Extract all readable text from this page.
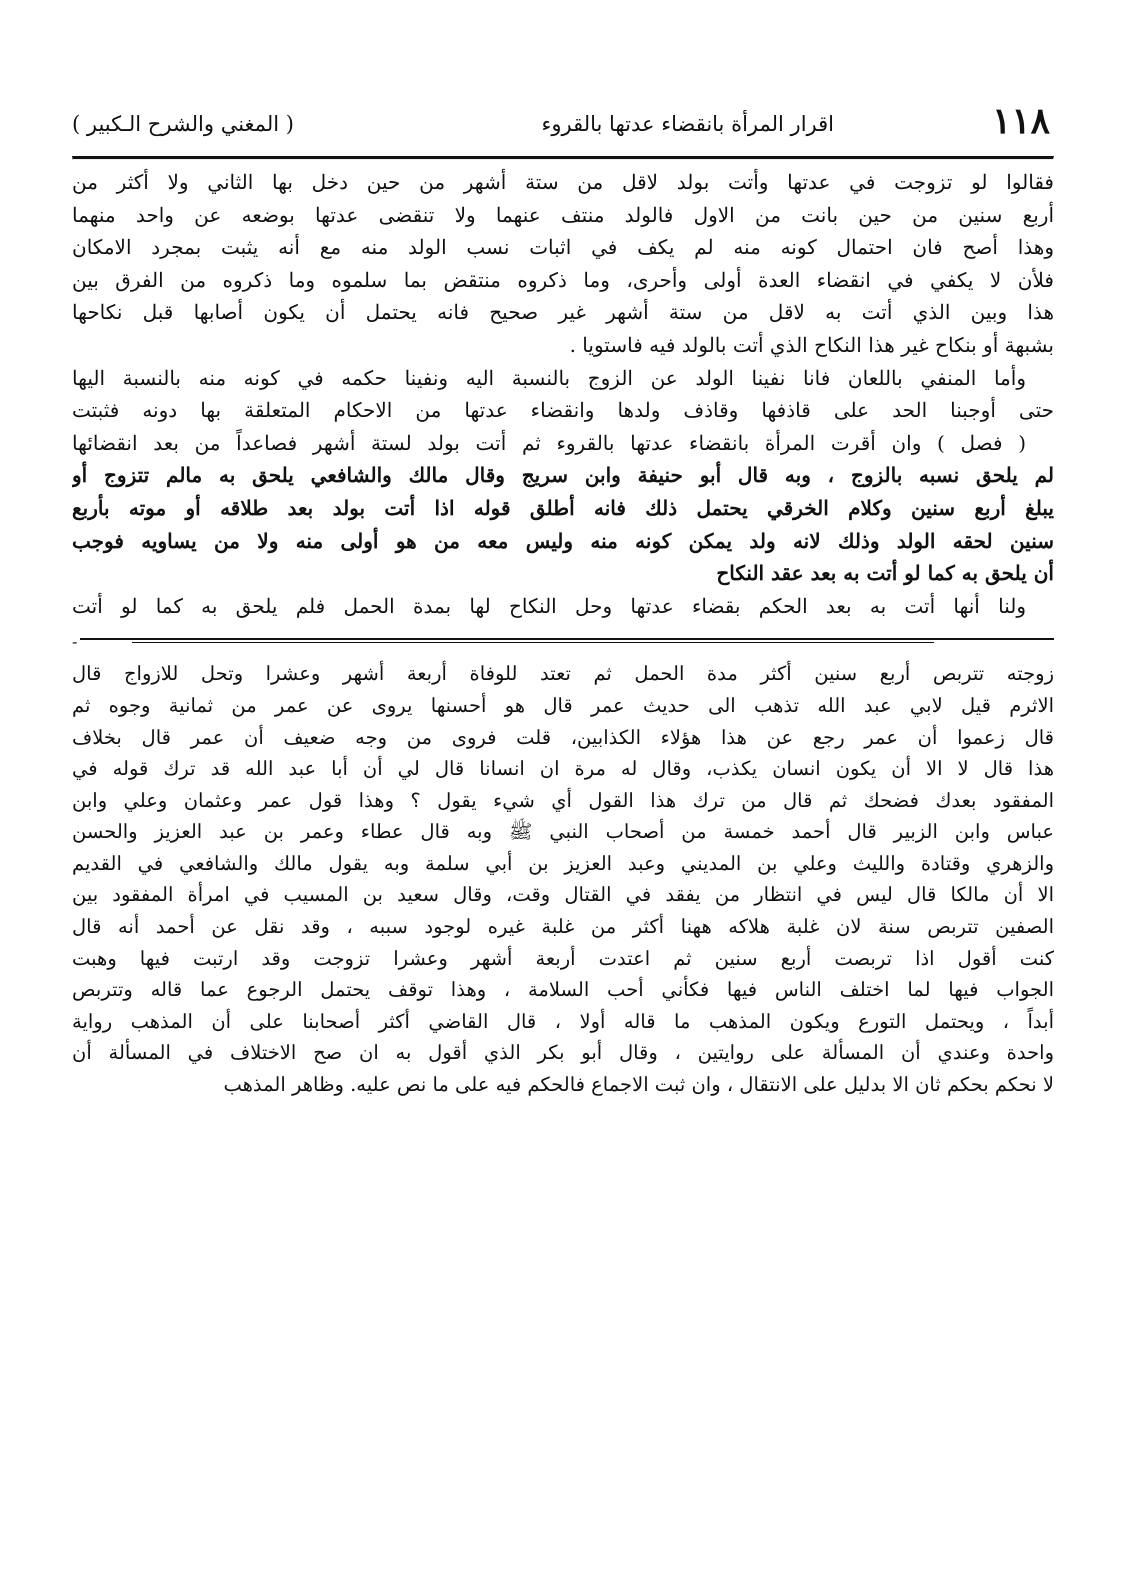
١١٨
اقرار المرأة بانقضاء عدتها بالقروء
( المغني والشرح الـكبير )
فقالوا لو تزوجت في عدتها وأتت بولد لاقل من ستة أشهر من حين دخل بها الثاني ولا أكثر من
أربع سنين من حين بانت من الاول فالولد منتف عنهما ولا تنقضى عدتها بوضعه عن واحد منهما
وهذا أصح فان احتمال كونه منه لم يكف في اثبات نسب الولد منه مع أنه يثبت بمجرد الامكان
فلأن لا يكفي في انقضاء العدة أولى وأحرى، وما ذكروه منتقض بما سلموه وما ذكروه من الفرق بين
هذا وبين الذي أتت به لاقل من ستة أشهر غير صحيح فانه يحتمل أن يكون أصابها قبل نكاحها
بشبهة أو بنكاح غير هذا النكاح الذي أتت بالولد فيه فاستويا .
وأما المنفي باللعان فانا نفينا الولد عن الزوج بالنسبة اليه ونفينا حكمه في كونه منه بالنسبة اليها
حتى أوجبنا الحد على قاذفها وقاذف ولدها وانقضاء عدتها من الاحكام المتعلقة بها دونه فثبتت
( فصل ) وان أقرت المرأة بانقضاء عدتها بالقروء ثم أتت بولد لستة أشهر فصاعداً من بعد انقضائها
لم يلحق نسبه بالزوج ، وبه قال أبو حنيفة وابن سريج وقال مالك والشافعي يلحق به مالم تتزوج أو
يبلغ أربع سنين وكلام الخرقي يحتمل ذلك فانه أطلق قوله اذا أتت بولد بعد طلاقه أو موته بأربع
سنين لحقه الولد وذلك لانه ولد يمكن كونه منه وليس معه من هو أولى منه ولا من يساويه فوجب
أن يلحق به كما لو أتت به بعد عقد النكاح
ولنا أنها أتت به بعد الحكم بقضاء عدتها وحل النكاح لها بمدة الحمل فلم يلحق به كما لو أتت
-
زوجته تتربص أربع سنين أكثر مدة الحمل ثم تعتد للوفاة أربعة أشهر وعشرا وتحل للازواج قال
الاثرم قيل لابي عبد الله تذهب الى حديث عمر قال هو أحسنها يروى عن عمر من ثمانية وجوه ثم
قال زعموا أن عمر رجع عن هذا هؤلاء الكذابين، قلت فروى من وجه ضعيف أن عمر قال بخلاف
هذا قال لا الا أن يكون انسان يكذب، وقال له مرة ان انسانا قال لي أن أبا عبد الله قد ترك قوله في
المفقود بعدك فضحك ثم قال من ترك هذا القول أي شيء يقول ؟ وهذا قول عمر وعثمان وعلي وابن
عباس وابن الزبير قال أحمد خمسة من أصحاب النبي ﷺ وبه قال عطاء وعمر بن عبد العزيز والحسن
والزهري وقتادة والليث وعلي بن المديني وعبد العزيز بن أبي سلمة وبه يقول مالك والشافعي في القديم
الا أن مالكا قال ليس في انتظار من يفقد في القتال وقت، وقال سعيد بن المسيب في امرأة المفقود بين
الصفين تتربص سنة لان غلبة هلاكه ههنا أكثر من غلبة غيره لوجود سببه ، وقد نقل عن أحمد أنه قال
كنت أقول اذا تربصت أربع سنين ثم اعتدت أربعة أشهر وعشرا تزوجت وقد ارتبت فيها وهبت
الجواب فيها لما اختلف الناس فيها فكأني أحب السلامة ، وهذا توقف يحتمل الرجوع عما قاله وتتربص
أبداً ، ويحتمل التورع ويكون المذهب ما قاله أولا ، قال القاضي أكثر أصحابنا على أن المذهب رواية
واحدة وعندي أن المسألة على روايتين ، وقال أبو بكر الذي أقول به ان صح الاختلاف في المسألة أن
لا نحكم بحكم ثان الا بدليل على الانتقال ، وان ثبت الاجماع فالحكم فيه على ما نص عليه. وظاهر المذهب
